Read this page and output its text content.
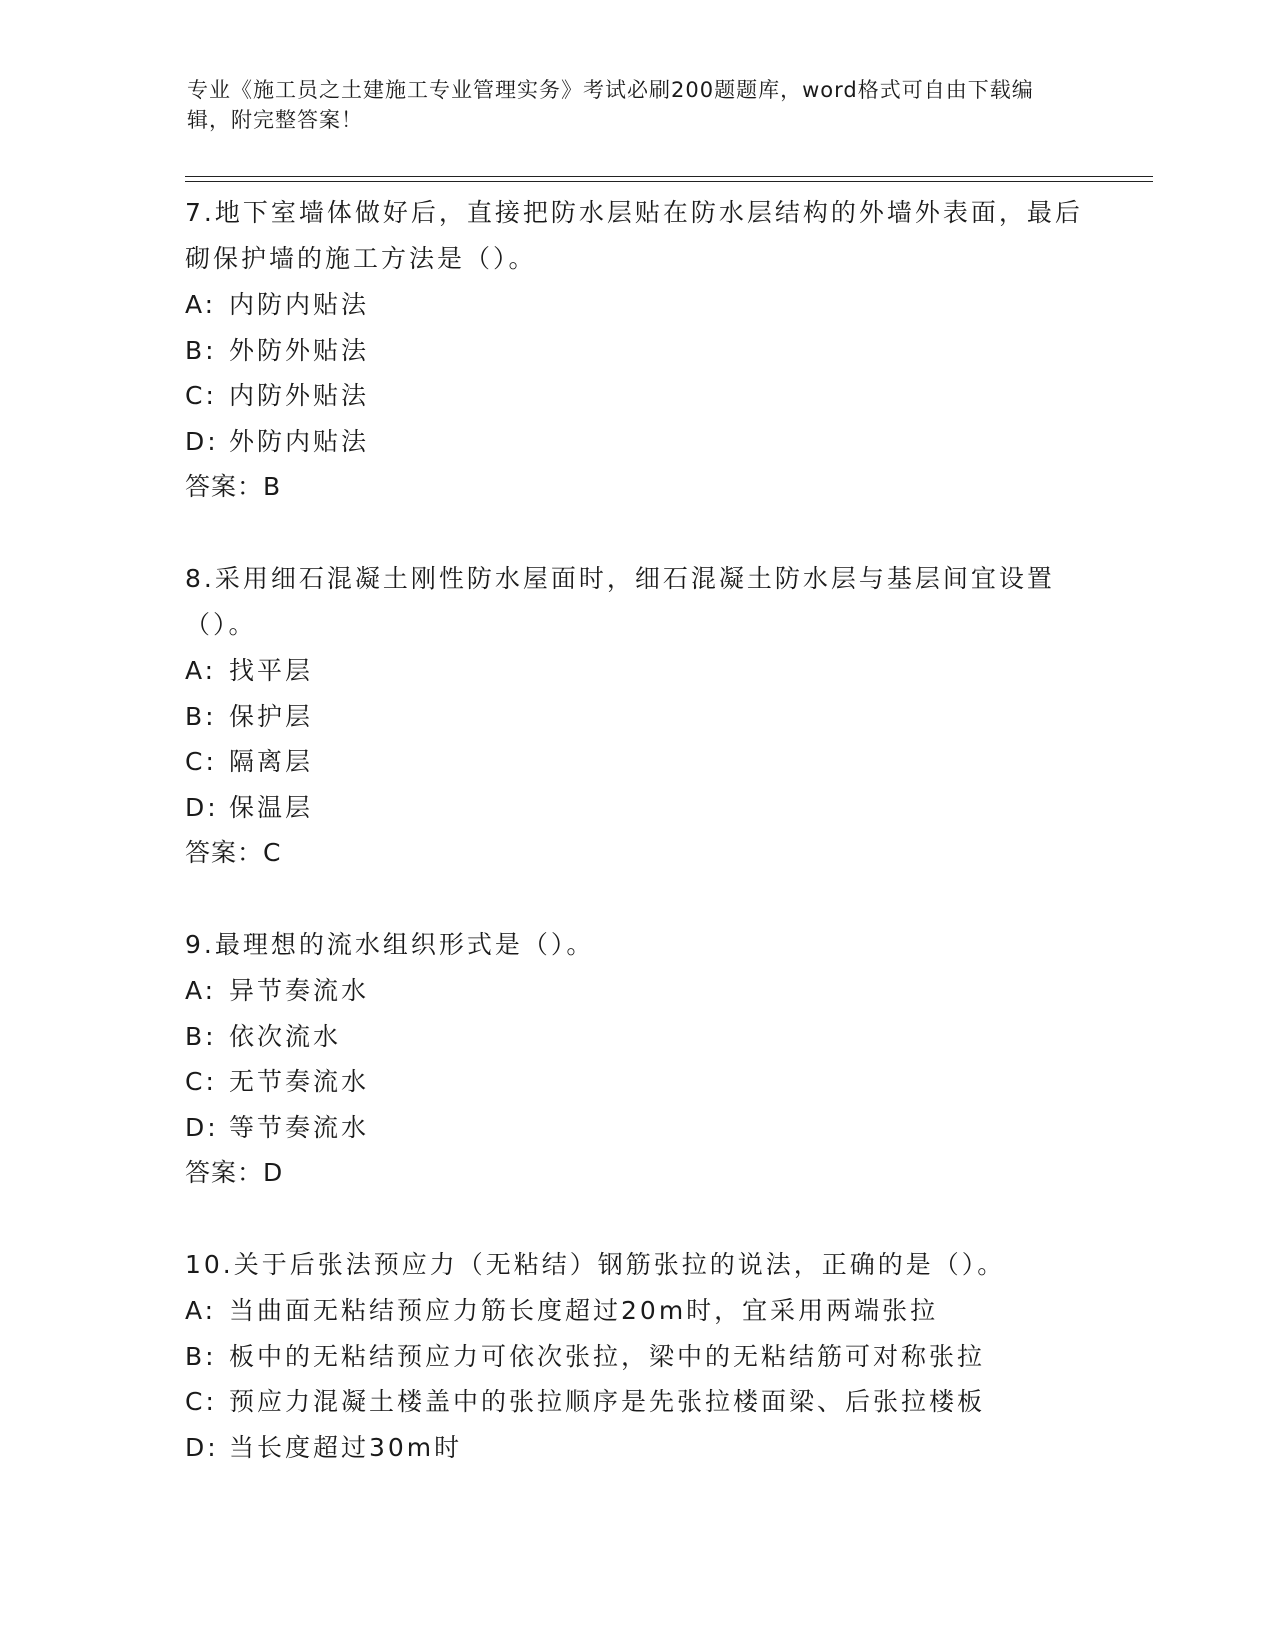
专业《施工员之土建施工专业管理实务》考试必刷200题题库，word格式可自由下载编辑，附完整答案！
7.地下室墙体做好后，直接把防水层贴在防水层结构的外墙外表面，最后砌保护墙的施工方法是（）。
A: 内防内贴法
B: 外防外贴法
C: 内防外贴法
D: 外防内贴法
答案：B
8.采用细石混凝土刚性防水屋面时，细石混凝土防水层与基层间宜设置（）。
A: 找平层
B: 保护层
C: 隔离层
D: 保温层
答案：C
9.最理想的流水组织形式是（）。
A: 异节奏流水
B: 依次流水
C: 无节奏流水
D: 等节奏流水
答案：D
10.关于后张法预应力（无粘结）钢筋张拉的说法，正确的是（）。
A: 当曲面无粘结预应力筋长度超过20m时，宜采用两端张拉
B: 板中的无粘结预应力可依次张拉，梁中的无粘结筋可对称张拉
C: 预应力混凝土楼盖中的张拉顺序是先张拉楼面梁、后张拉楼板
D: 当长度超过30m时
